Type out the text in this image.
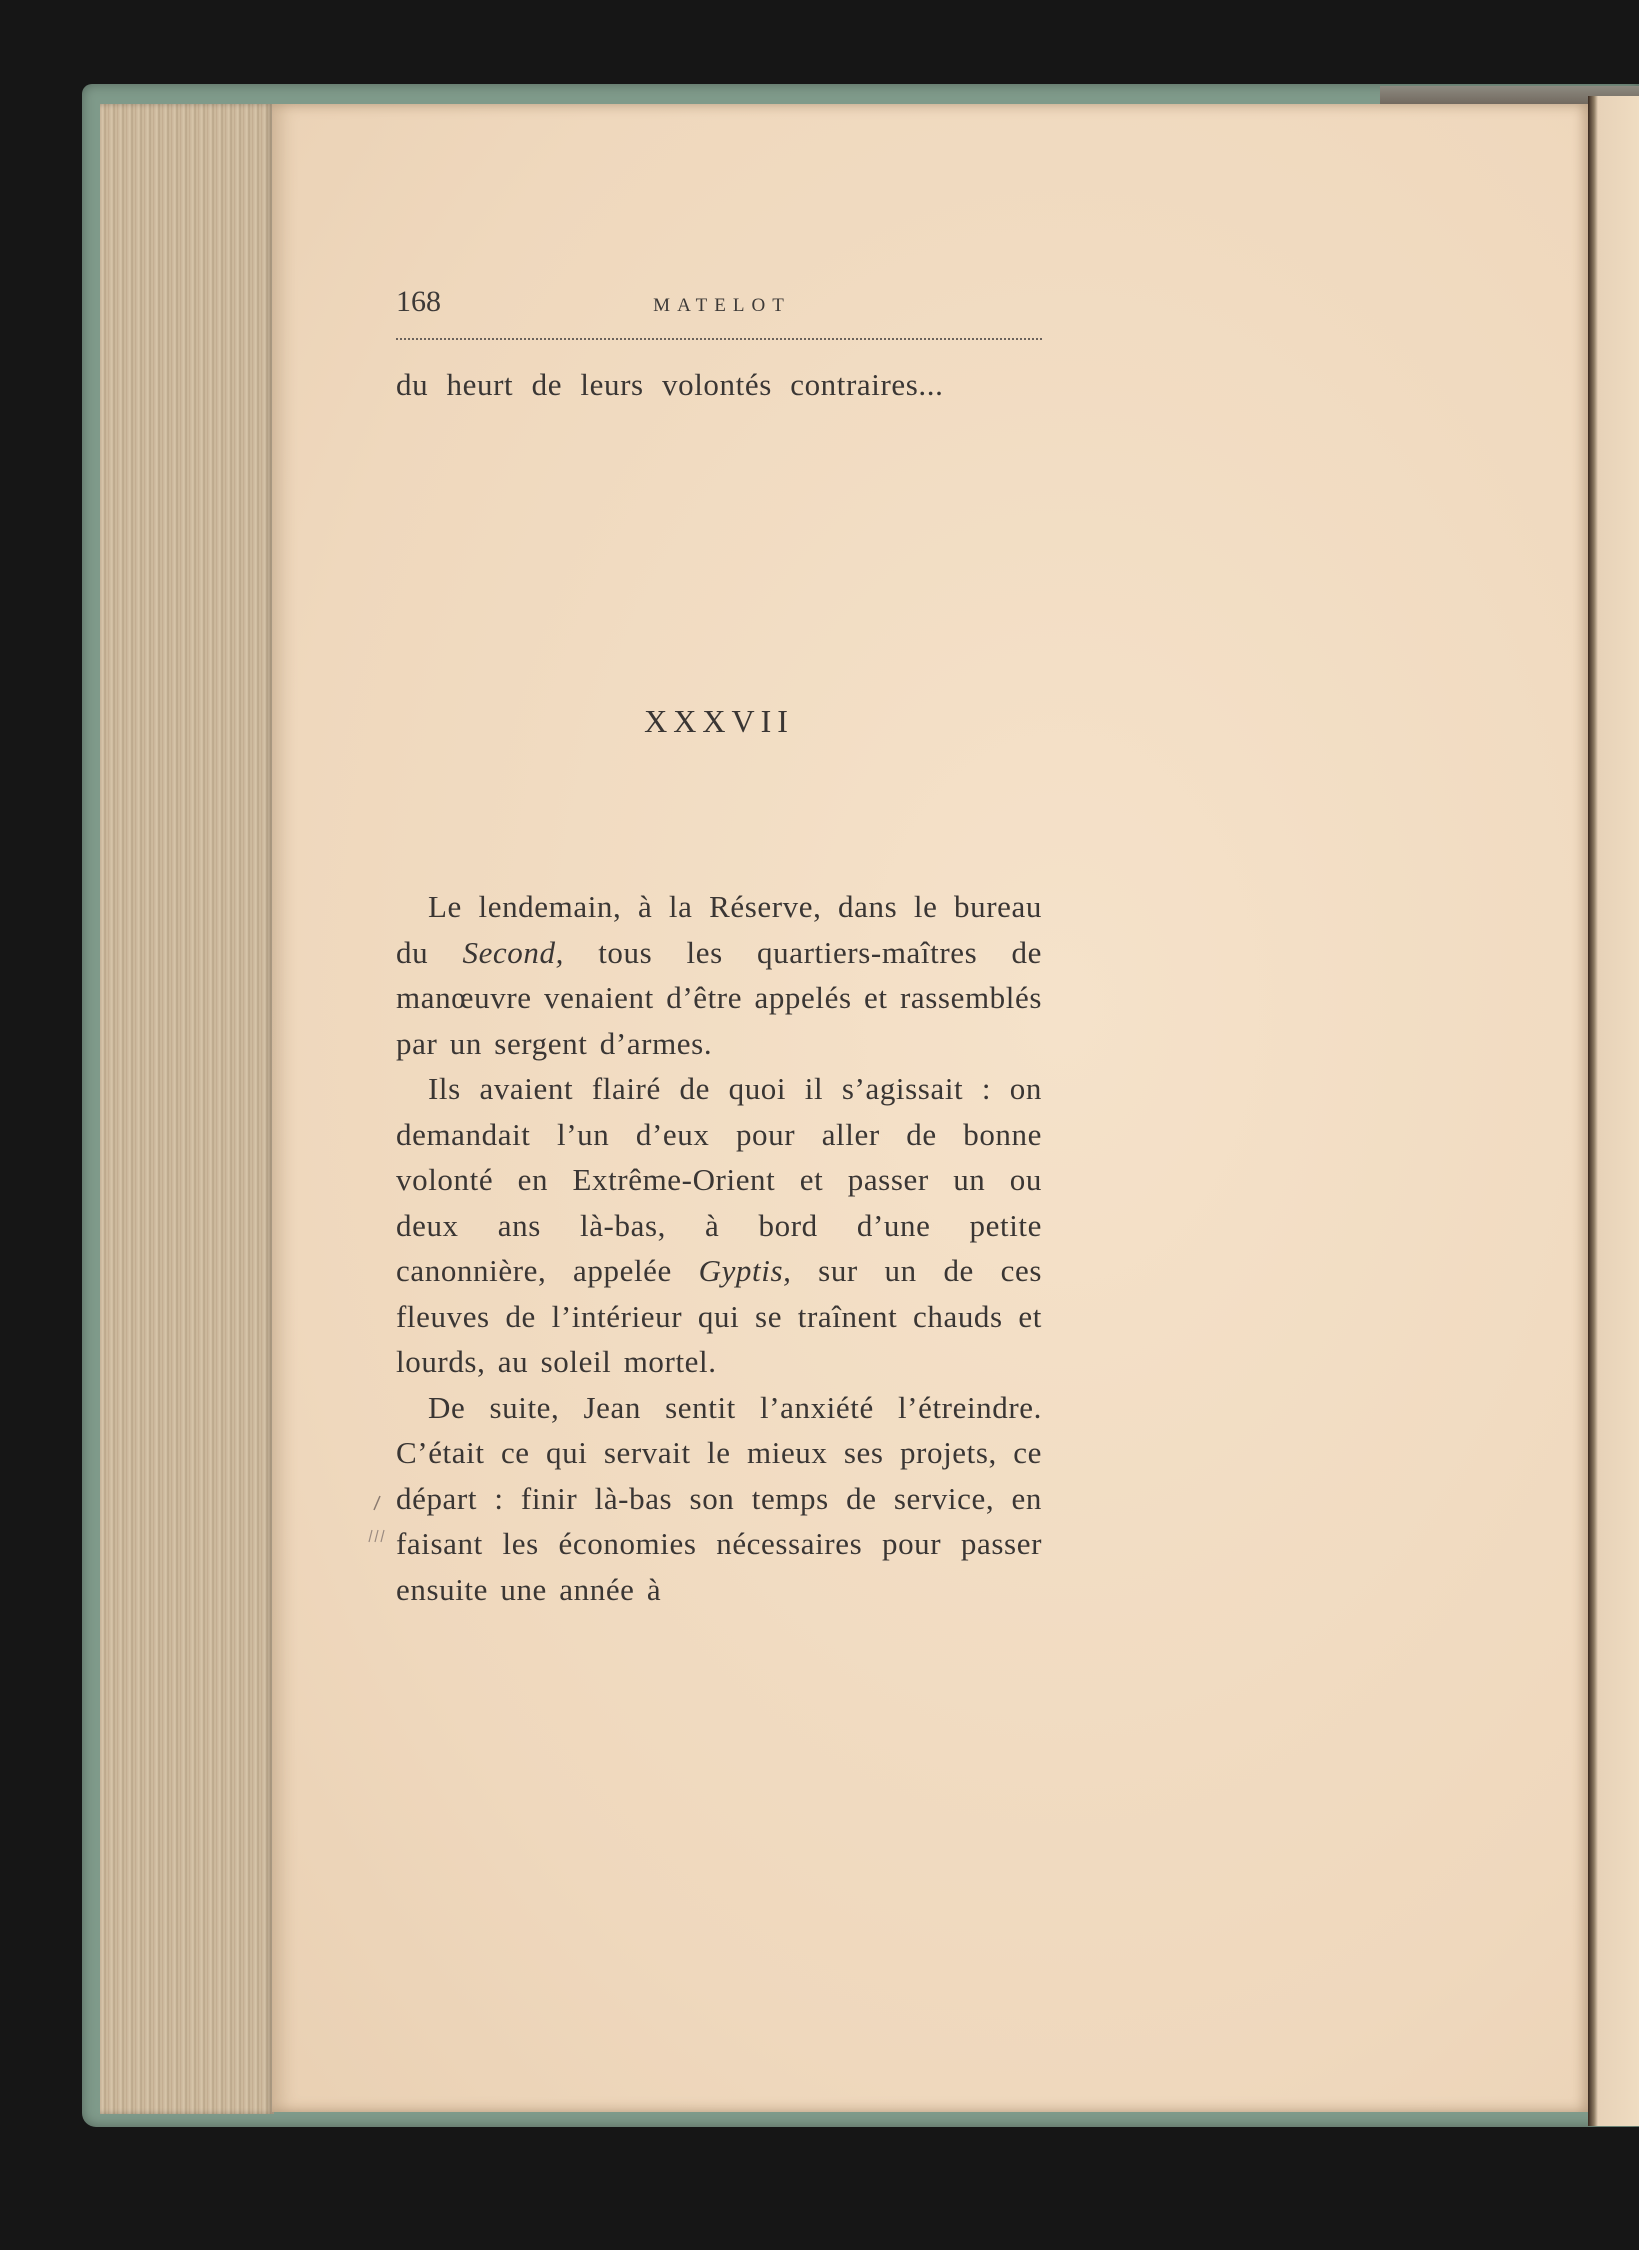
168	MATELOT
du heurt de leurs volontés contraires...
XXXVII

Le lendemain, à la Réserve, dans le bureau du Second, tous les quartiers-maîtres de manœuvre venaient d’être appelés et rassemblés par un sergent d’armes.

Ils avaient flairé de quoi il s’agissait : on demandait l’un d’eux pour aller de bonne volonté en Extrême-Orient et passer un ou deux ans là-bas, à bord d’une petite canonnière, appelée Gyptis, sur un de ces fleuves de l’intérieur qui se traînent chauds et lourds, au soleil mortel.

De suite, Jean sentit l’anxiété l’étreindre. C’était ce qui servait le mieux ses projets, ce départ : finir là-bas son temps de service, en faisant les économies nécessaires pour passer ensuite une année à
